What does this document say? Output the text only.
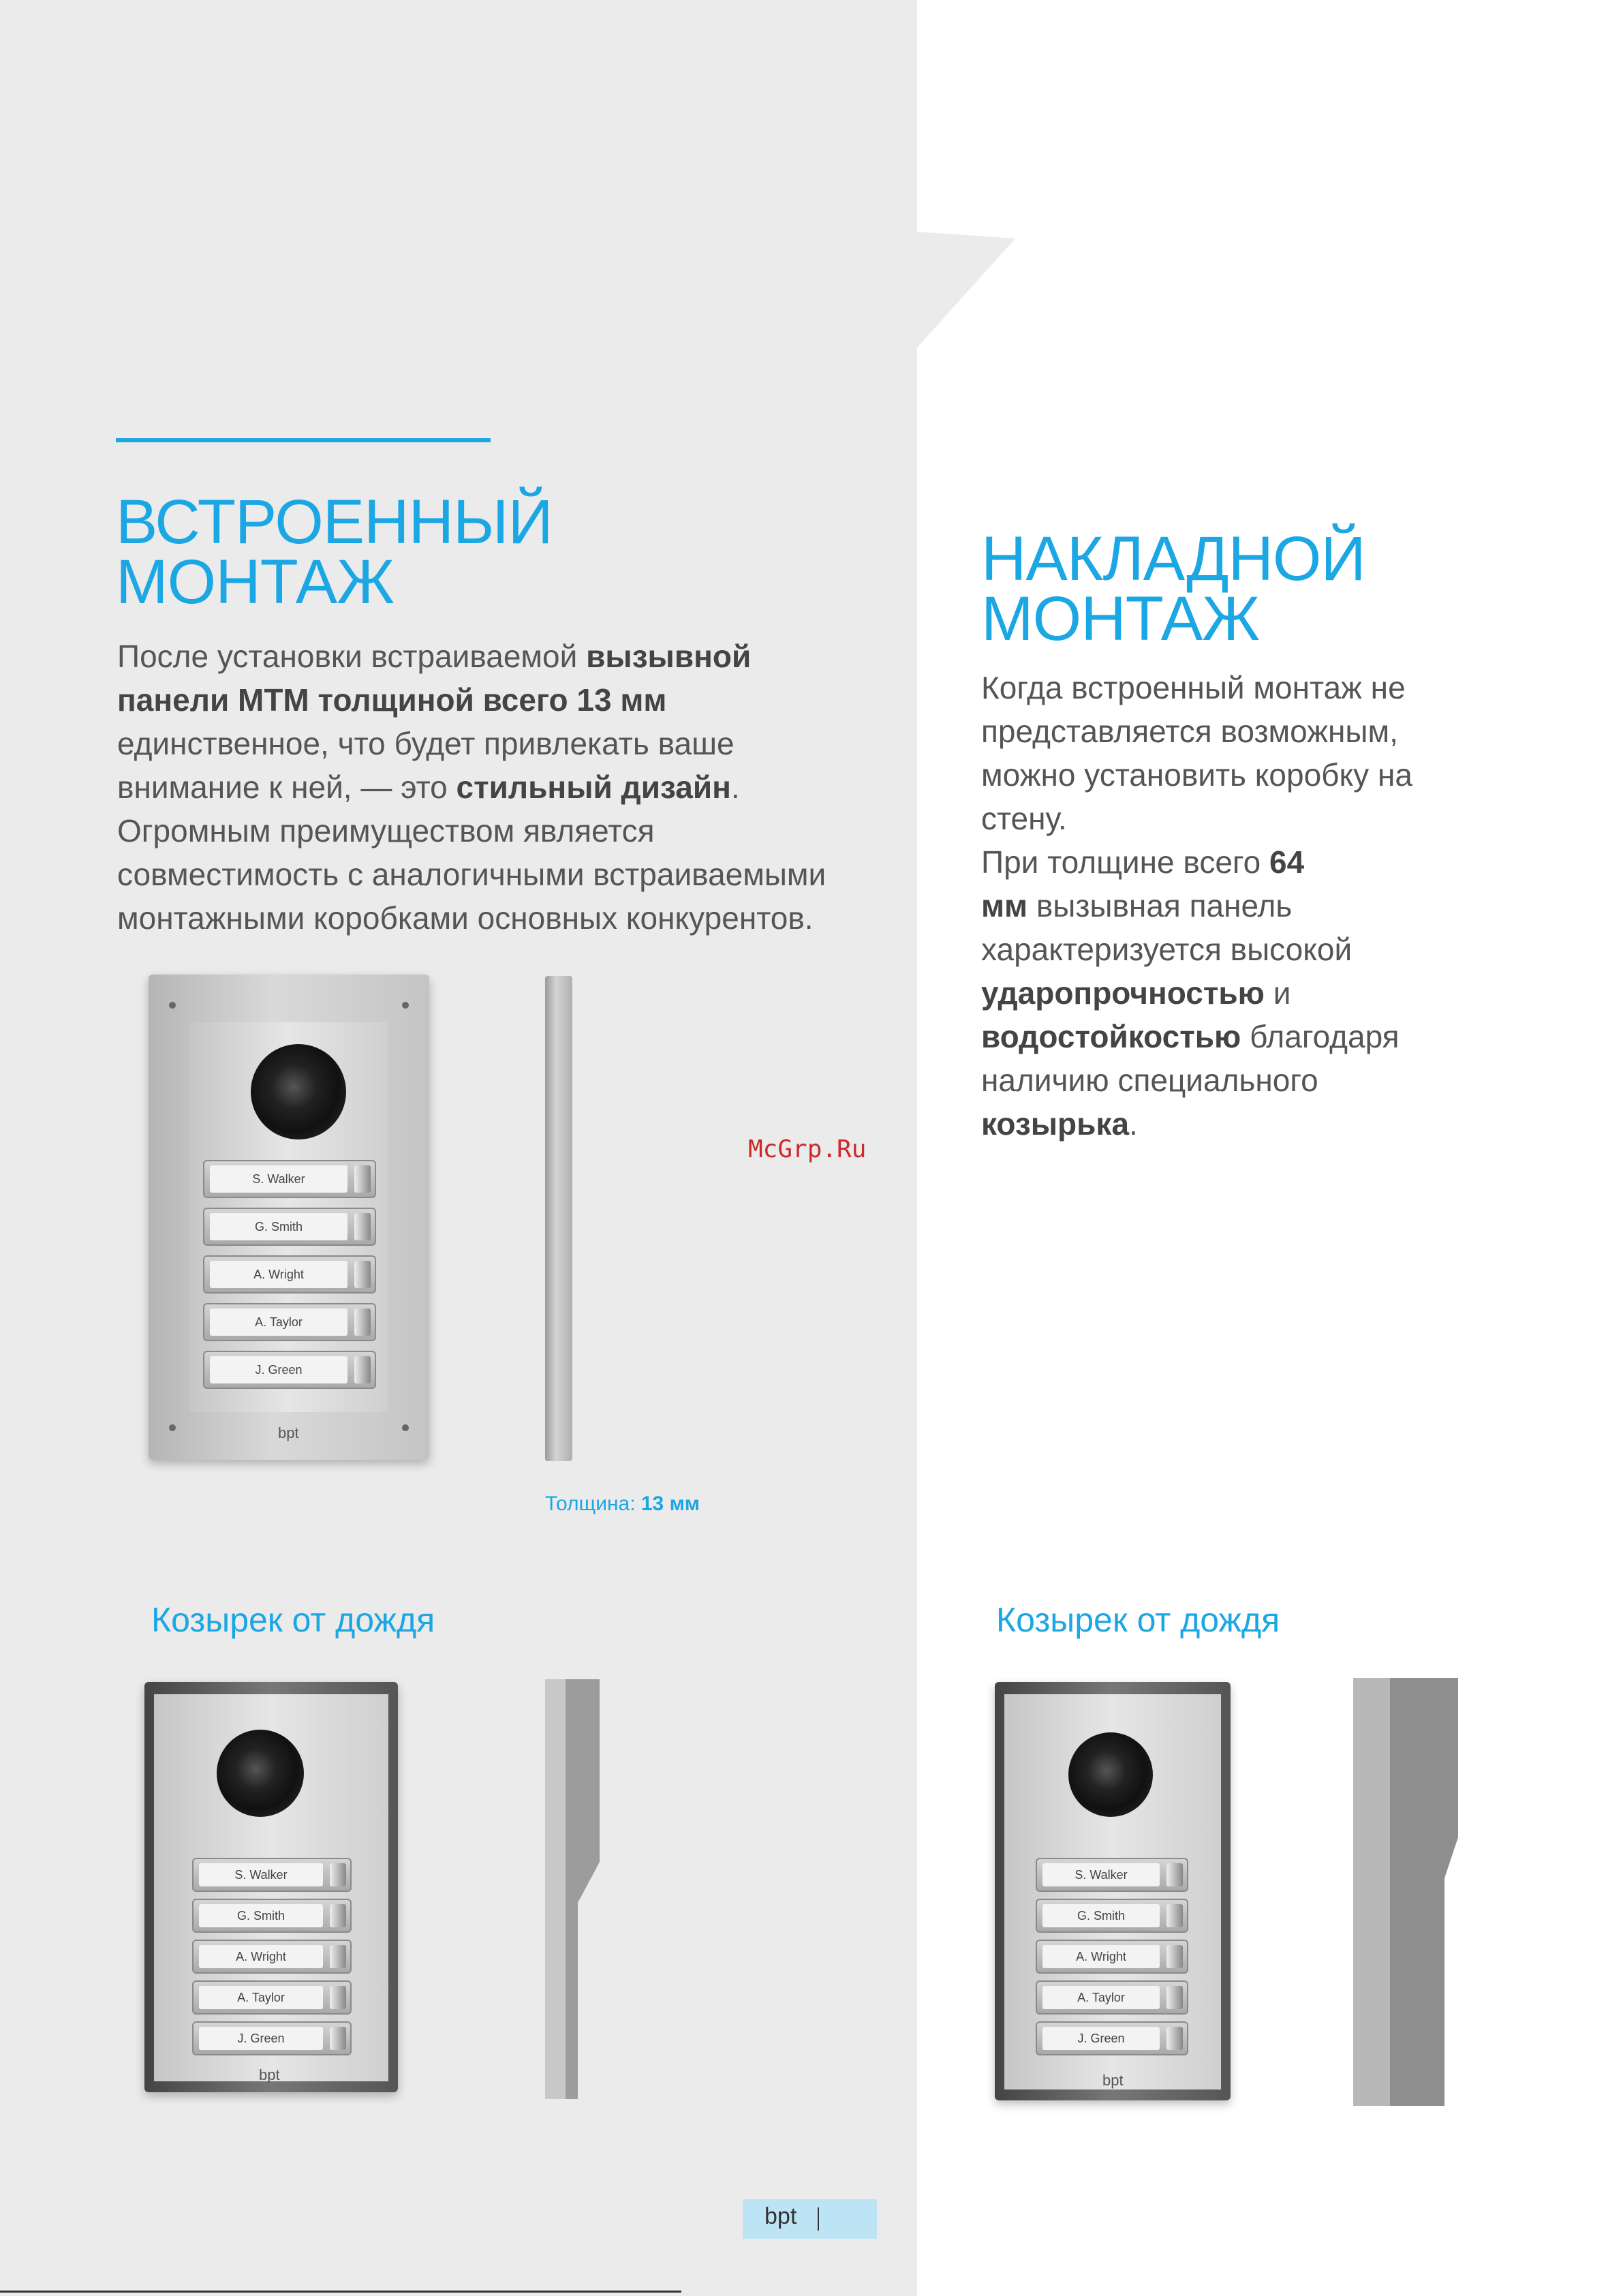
ВСТРОЕННЫЙ
МОНТАЖ
После установки встраиваемой вызывной
панели MTM толщиной всего 13 мм
единственное, что будет привлекать ваше
внимание к ней, — это стильный дизайн.
Огромным преимуществом является
совместимость с аналогичными встраиваемыми
монтажными коробками основных конкурентов.
НАКЛАДНОЙ
МОНТАЖ
Когда встроенный монтаж не
представляется возможным,
можно установить коробку на
стену.
При толщине всего 64
мм вызывная панель
характеризуется высокой
ударопрочностью и
водостойкостью благодаря
наличию специального
козырька.
McGrp.Ru
bpt
S. Walker
G. Smith
A. Wright
A. Taylor
J. Green
Толщина: 13 мм
Козырек от дождя	Козырек от дождя
bpt
S. Walker
G. Smith
A. Wright
A. Taylor
J. Green
bpt
S. Walker
G. Smith
A. Wright
A. Taylor
J. Green
bpt
